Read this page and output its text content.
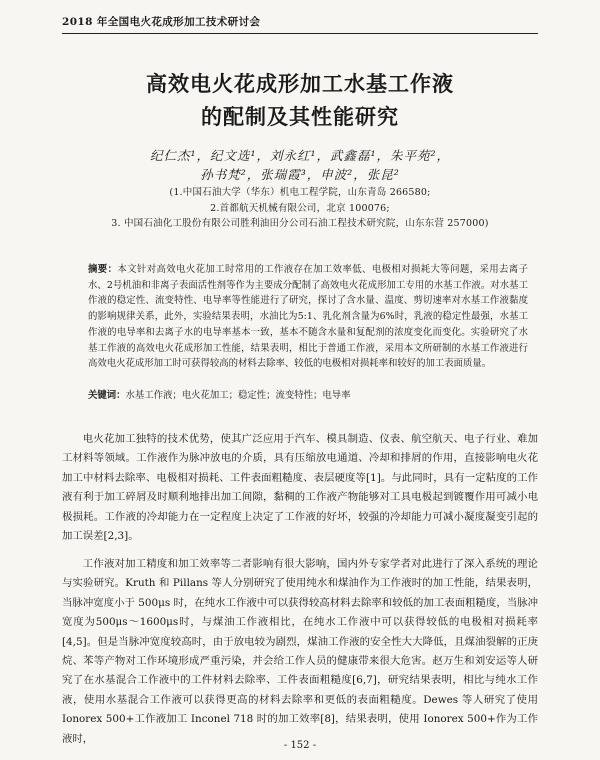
2018 年全国电火花成形加工技术研讨会
高效电火花成形加工水基工作液
的配制及其性能研究
纪仁杰¹，纪文选¹，刘永红¹，武鑫磊¹，朱平苑²，
孙书梵²，张瑞霞³，申波²，张昆²
(1.中国石油大学（华东）机电工程学院，山东青岛 266580;
2.首都航天机械有限公司，北京 100076;
3. 中国石油化工股份有限公司胜利油田分公司石油工程技术研究院，山东东营 257000)
摘要：本文针对高效电火花加工时常用的工作液存在加工效率低、电极相对损耗大等问题，采用去离子水、2号机油和非离子表面活性剂等作为主要成分配制了高效电火花成形加工专用的水基工作液。对水基工作液的稳定性、流变特性、电导率等性能进行了研究，探讨了含水量、温度、剪切速率对水基工作液黏度的影响规律关系，此外，实验结果表明，水油比为5:1、乳化剂含量为6%时，乳液的稳定性最强，水基工作液的电导率和去离子水的电导率基本一致，基本不随含水量和复配剂的浓度变化而变化。实验研究了水基工作液的高效电火花成形加工性能，结果表明，相比于普通工作液，采用本文所研制的水基工作液进行高效电火花成形加工时可获得较高的材料去除率、较低的电极相对损耗率和较好的加工表面质量。
关键词：水基工作液；电火花加工；稳定性；流变特性；电导率
电火花加工独特的技术优势，使其广泛应用于汽车、模具制造、仪表、航空航天、电子行业、难加工材料等领域。工作液作为脉冲放电的介质，具有压缩放电通道、冷却和排屑的作用，直接影响电火花加工中材料去除率、电极相对损耗、工件表面粗糙度、表层硬度等[1]。与此同时，具有一定粘度的工作液有利于加工碎屑及时顺利地排出加工间隙，黏稠的工作液产物能够对工具电极起到镀覆作用可减小电极损耗。工作液的冷却能力在一定程度上决定了工作液的好坏，较强的冷却能力可减小凝度凝变引起的加工误差[2,3]。
工作液对加工精度和加工效率等二者影响有很大影响，国内外专家学者对此进行了深入系统的理论与实验研究。Kruth 和 Pillans 等人分别研究了使用纯水和煤油作为工作液时的加工性能，结果表明，当脉冲宽度小于 500μs 时，在纯水工作液中可以获得较高材料去除率和较低的加工表面粗糙度，当脉冲宽度为500μs～1600μs时，与煤油工作液相比，在纯水工作液中可以获得较低的电极相对损耗率[4,5]。但是当脉冲宽度较高时，由于放电较为剧烈，煤油工作液的安全性大大降低，且煤油裂解的正庚烷、苯等产物对工作环境形成严重污染，并会给工作人员的健康带来很大危害。赵万生和刘安运等人研究了在水基混合工作液中的工件材料去除率、工件表面粗糙度[6,7]，研究结果表明，相比与纯水工作液，使用水基混合工作液可以获得更高的材料去除率和更低的表面粗糙度。Dewes 等人研究了使用 Ionorex 500+工作液加工 Inconel 718 时的加工效率[8]，结果表明，使用 Ionorex 500+作为工作液时，
- 152 -
